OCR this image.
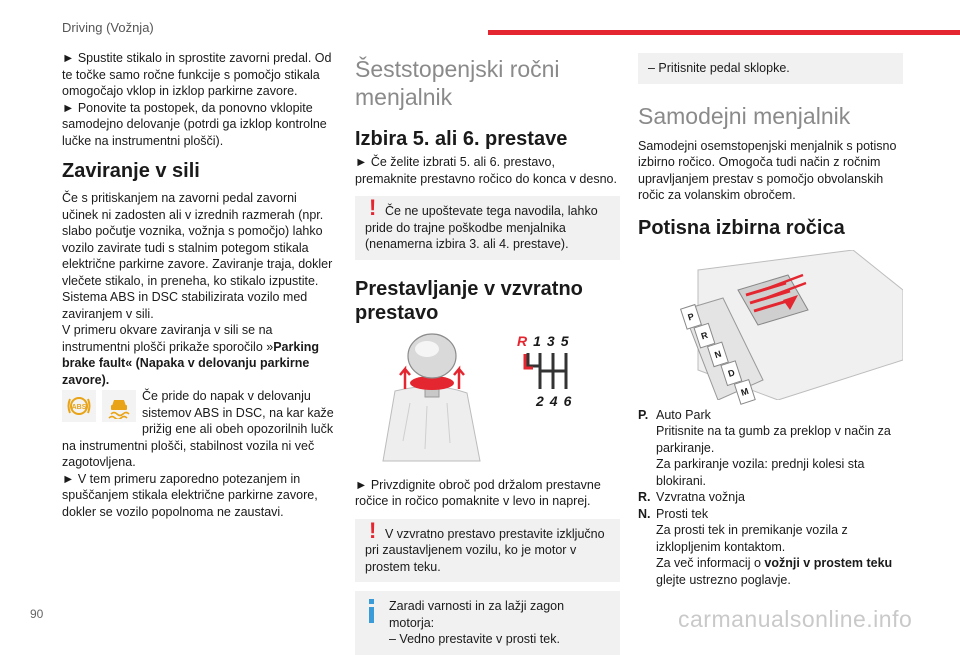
Driving (Vožnja)

► Spustite stikalo in sprostite zavorni predal. Od te točke samo ročne funkcije s pomočjo stikala omogočajo vklop in izklop parkirne zavore.

► Ponovite ta postopek, da ponovno vklopite samodejno delovanje (potrdi ga izklop kontrolne lučke na instrumentni plošči).

Zaviranje v sili

Če s pritiskanjem na zavorni pedal zavorni učinek ni zadosten ali v izrednih razmerah (npr. slabo počutje voznika, vožnja s pomočjo) lahko vozilo zavirate tudi s stalnim potegom stikala električne parkirne zavore. Zaviranje traja, dokler vlečete stikalo, in preneha, ko stikalo izpustite. Sistema ABS in DSC stabilizirata vozilo med zaviranjem v sili.

V primeru okvare zaviranja v sili se na instrumentni plošči prikaže sporočilo »Parking brake fault« (Napaka v delovanju parkirne zavore).

ABS
Če pride do napak v delovanju sistemov ABS in DSC, na kar kaže prižig ene ali obeh opozorilnih lučk na instrumentni plošči, stabilnost vozila ni več zagotovljena.

► V tem primeru zaporedno potezanjem in spuščanjem stikala električne parkirne zavore, dokler se vozilo popolnoma ne zaustavi.

Šeststopenjski ročni menjalnik
Izbira 5. ali 6. prestave

► Če želite izbrati 5. ali 6. prestavo, premaknite prestavno ročico do konca v desno.

! Če ne upoštevate tega navodila, lahko pride do trajne poškodbe menjalnika (nenamerna izbira 3. ali 4. prestave).
Prestavljanje v vzvratno prestavo
R135
246

► Privzdignite obroč pod držalom prestavne ročice in ročico pomaknite v levo in naprej.

! V vzvratno prestavo prestavite izključno pri zaustavljenem vozilu, ko je motor v prostem teku.

Zaradi varnosti in za lažji zagon motorja:

– Vedno prestavite v prosti tek.

– Pritisnite pedal sklopke.
Samodejni menjalnik

Samodejni osemstopenjski menjalnik s potisno izbirno ročico. Omogoča tudi način z ročnim upravljanjem prestav s pomočjo obvolanskih ročic za volanskim obročem.

Potisna izbirna ročica
P
R
N
D
M
P. Auto Park

Pritisnite na ta gumb za preklop v način za parkiranje.

Za parkiranje vozila: prednji kolesi sta blokirani.

R. Vzvratna vožnja

N. Prosti tek

Za prosti tek in premikanje vozila z izklopljenim kontaktom.

Za več informacij o vožnji v prostem teku glejte ustrezno poglavje.

90	carmanualsonline.info
